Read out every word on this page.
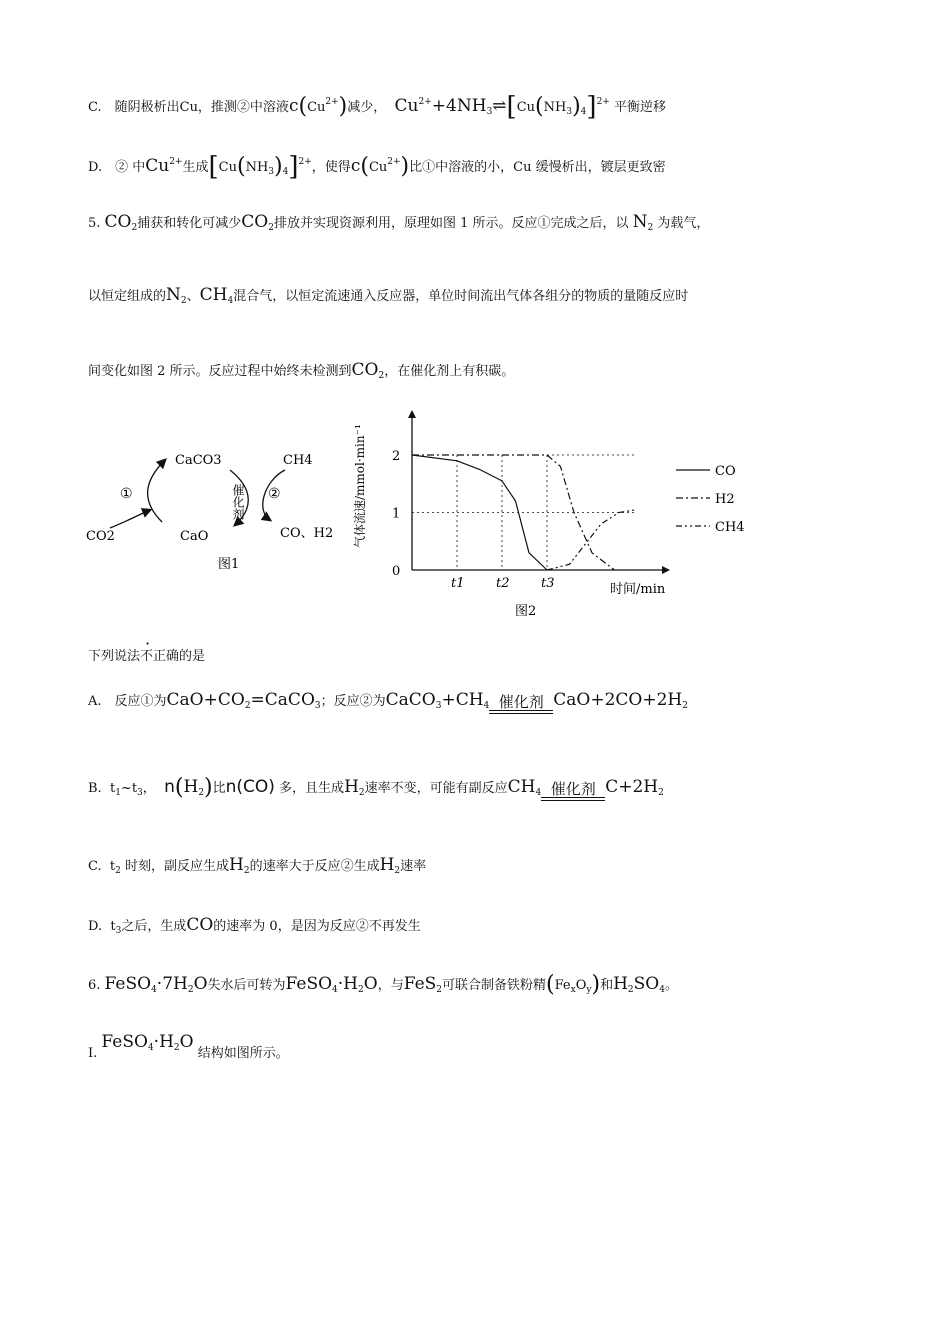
C.　随阴极析出Cu，推测②中溶液$c(Cu^{2+})$减少， $Cu^{2+}+4NH_3\rightleftharpoons[Cu(NH_3)_4]^{2+}$ 平衡逆移
D.　② 中$Cu^{2+}$生成$[Cu(NH_3)_4]^{2+}$，使得$c(Cu^{2+})$比①中溶液的小，Cu 缓慢析出，镀层更致密
5. $CO_2$捕获和转化可减少$CO_2$排放并实现资源利用，原理如图 1 所示。反应①完成之后，以 $N_2$ 为载气，
以恒定组成的$N_2$、$CH_4$混合气，以恒定流速通入反应器，单位时间流出气体各组分的物质的量随反应时
间变化如图 2 所示。反应过程中始终未检测到$CO_2$，在催化剂上有积碳。
CaCO3
CaO
CO2
CH4
CO、H2
①	②
催化剂
图1
气体流速/mmol·min⁻¹
0
1
2
t1 t2 t3
CO
H2
CH4
时间/min
图2
下列说法不正确的是
A.　反应①为$CaO+CO_2=CaCO_3$；反应②为$CaCO_3+CH_4$ 催化剂 $CaO+2CO+2H_2$
B.  $t_1\sim t_3$， $n(H_2)$比n(CO) 多，且生成$H_2$速率不变，可能有副反应$CH_4$ 催化剂 $C+2H_2$
C.  $t_2$ 时刻，副反应生成$H_2$的速率大于反应②生成$H_2$速率
D.  $t_3$之后，生成CO的速率为 0，是因为反应②不再发生
6. $FeSO_4\cdot 7H_2O$失水后可转为$FeSO_4\cdot H_2O$，与FeS$_2$可联合制备铁粉精$(Fe_xO_y)$和$H_2SO_4$。
I. $FeSO_4\cdot H_2O$ 结构如图所示。
